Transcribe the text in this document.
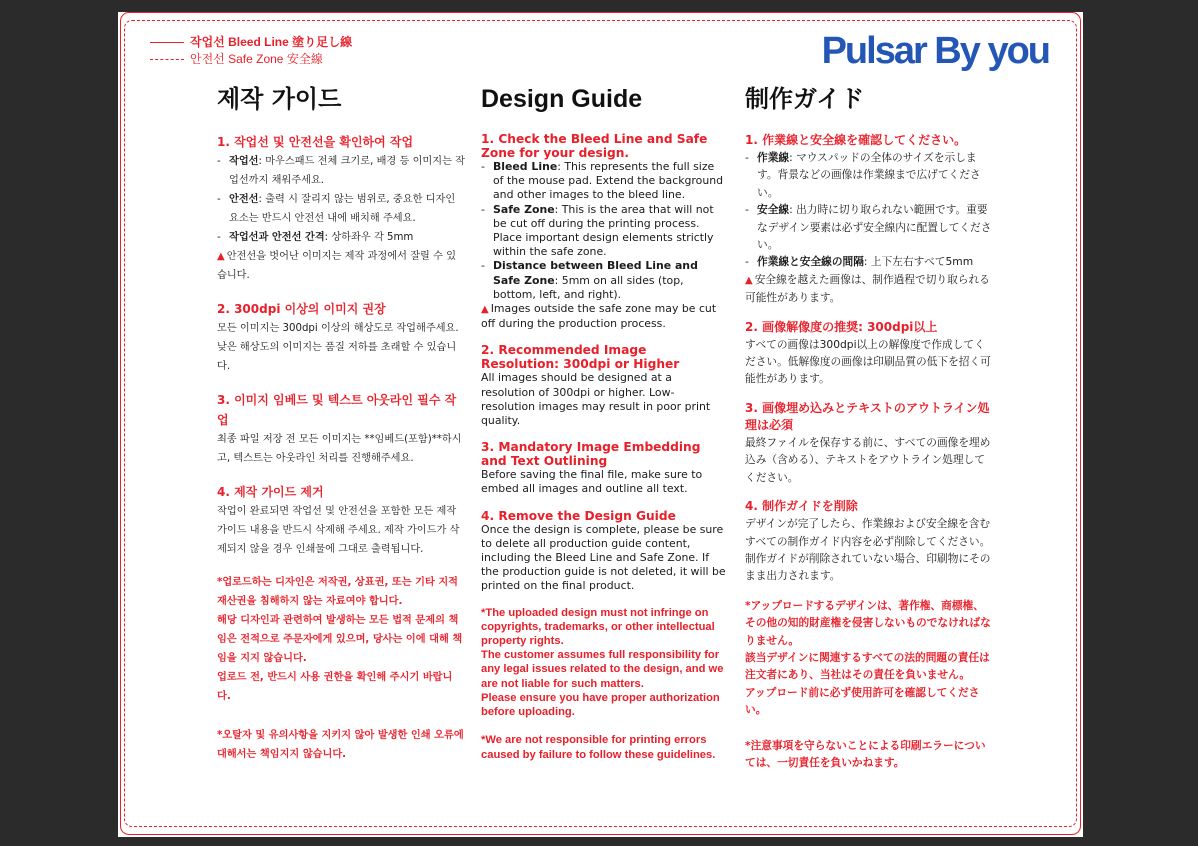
작업선 Bleed Line 塗り足し線
안전선 Safe Zone 安全線	Pulsar By you
제작 가이드
1. 작업선 및 안전선을 확인하여 작업
- 작업선: 마우스패드 전체 크기로, 배경 등 이미지는 작업선까지 채워주세요.
- 안전선: 출력 시 잘리지 않는 범위로, 중요한 디자인 요소는 반드시 안전선 내에 배치해 주세요.
- 작업선과 안전선 간격: 상하좌우 각 5mm
▲ 안전선을 벗어난 이미지는 제작 과정에서 잘릴 수 있습니다.
2. 300dpi 이상의 이미지 권장
모든 이미지는 300dpi 이상의 해상도로 작업해주세요. 낮은 해상도의 이미지는 품질 저하를 초래할 수 있습니다.
3. 이미지 임베드 및 텍스트 아웃라인 필수 작업
최종 파일 저장 전 모든 이미지는 **임베드(포함)**하시고, 텍스트는 아웃라인 처리를 진행해주세요.
4. 제작 가이드 제거
작업이 완료되면 작업선 및 안전선을 포함한 모든 제작 가이드 내용을 반드시 삭제해 주세요. 제작 가이드가 삭제되지 않을 경우 인쇄물에 그대로 출력됩니다.
*업로드하는 디자인은 저작권, 상표권, 또는 기타 지적 재산권을 침해하지 않는 자료여야 합니다.
해당 디자인과 관련하여 발생하는 모든 법적 문제의 책임은 전적으로 주문자에게 있으며, 당사는 이에 대해 책임을 지지 않습니다.
업로드 전, 반드시 사용 권한을 확인해 주시기 바랍니다.
*오탈자 및 유의사항을 지키지 않아 발생한 인쇄 오류에 대해서는 책임지지 않습니다.
Design Guide
1. Check the Bleed Line and Safe Zone for your design.
- Bleed Line: This represents the full size of the mouse pad. Extend the background and other images to the bleed line.
- Safe Zone: This is the area that will not be cut off during the printing process. Place important design elements strictly within the safe zone.
- Distance between Bleed Line and Safe Zone: 5mm on all sides (top, bottom, left, and right).
▲ Images outside the safe zone may be cut off during the production process.
2. Recommended Image Resolution: 300dpi or Higher
All images should be designed at a resolution of 300dpi or higher. Low-resolution images may result in poor print quality.
3. Mandatory Image Embedding and Text Outlining
Before saving the final file, make sure to embed all images and outline all text.
4. Remove the Design Guide
Once the design is complete, please be sure to delete all production guide content, including the Bleed Line and Safe Zone. If the production guide is not deleted, it will be printed on the final product.
*The uploaded design must not infringe on copyrights, trademarks, or other intellectual property rights.
The customer assumes full responsibility for any legal issues related to the design, and we are not liable for such matters.
Please ensure you have proper authorization before uploading.
*We are not responsible for printing errors caused by failure to follow these guidelines.
制作ガイド
1. 作業線と安全線を確認してください。
- 作業線: マウスパッドの全体のサイズを示します。背景などの画像は作業線まで広げてください。
- 安全線: 出力時に切り取られない範囲です。重要なデザイン要素は必ず安全線内に配置してください。
- 作業線と安全線の間隔: 上下左右すべて5mm
▲ 安全線を越えた画像は、制作過程で切り取られる可能性があります。
2. 画像解像度の推奨: 300dpi以上
すべての画像は300dpi以上の解像度で作成してください。低解像度の画像は印刷品質の低下を招く可能性があります。
3. 画像埋め込みとテキストのアウトライン処理は必須
最終ファイルを保存する前に、すべての画像を埋め込み（含める）、テキストをアウトライン処理してください。
4. 制作ガイドを削除
デザインが完了したら、作業線および安全線を含むすべての制作ガイド内容を必ず削除してください。制作ガイドが削除されていない場合、印刷物にそのまま出力されます。
*アップロードするデザインは、著作権、商標権、その他の知的財産権を侵害しないものでなければなりません。
該当デザインに関連するすべての法的問題の責任は注文者にあり、当社はその責任を負いません。
アップロード前に必ず使用許可を確認してください。
*注意事項を守らないことによる印刷エラーについては、一切責任を負いかねます。
